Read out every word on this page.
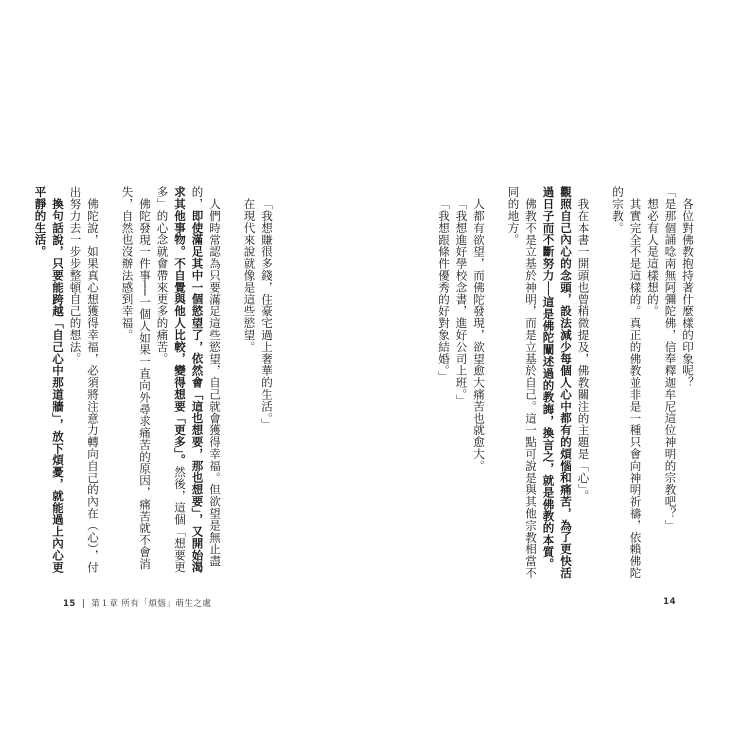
各位對佛教抱持著什麼樣的印象呢？

「是那個誦唸南無阿彌陀佛，信奉釋迦牟尼這位神明的宗教吧？」

想必有人是這樣想的。

其實完全不是這樣的。真正的佛教並非是一種只會向神明祈禱，依賴佛陀的宗教。

我在本書一開頭也曾稍微提及，佛教關注的主題是「心」。

觀照自己內心的念頭，設法減少每個人心中都有的煩惱和痛苦，為了更快活過日子而不斷努力──這是佛陀闡述過的教誨，換言之，就是佛教的本質。

佛教不是立基於神明，而是立基於自己。這一點可說是與其他宗教相當不同的地方。

人都有欲望，而佛陀發現，欲望愈大痛苦也就愈大。

「我想進好學校念書，進好公司上班。」

「我想跟條件優秀的好對象結婚。」

14

「我想賺很多錢，住豪宅過上奢華的生活。」

在現代來說就像是這些慾望。

人們時常認為只要滿足這些慾望，自己就會獲得幸福。但欲望是無止盡的，即使滿足其中一個慾望了，依然會「這也想要，那也想要」，又開始渴求其他事物。不自覺與他人比較，變得想要「更多」。然後，這個「想要更多」的心念就會帶來更多的痛苦。

佛陀發現一件事──一個人如果一直向外尋求痛苦的原因，痛苦就不會消失，自然也沒辦法感到幸福。

佛陀說，如果真心想獲得幸福，必須將注意力轉向自己的內在（心），付出努力去一步步整頓自己的想法。

換句話說，只要能跨越「自己心中那道牆」，放下煩憂，就能過上內心更平靜的生活。

15 | 第１章 所有「煩惱」萌生之處
